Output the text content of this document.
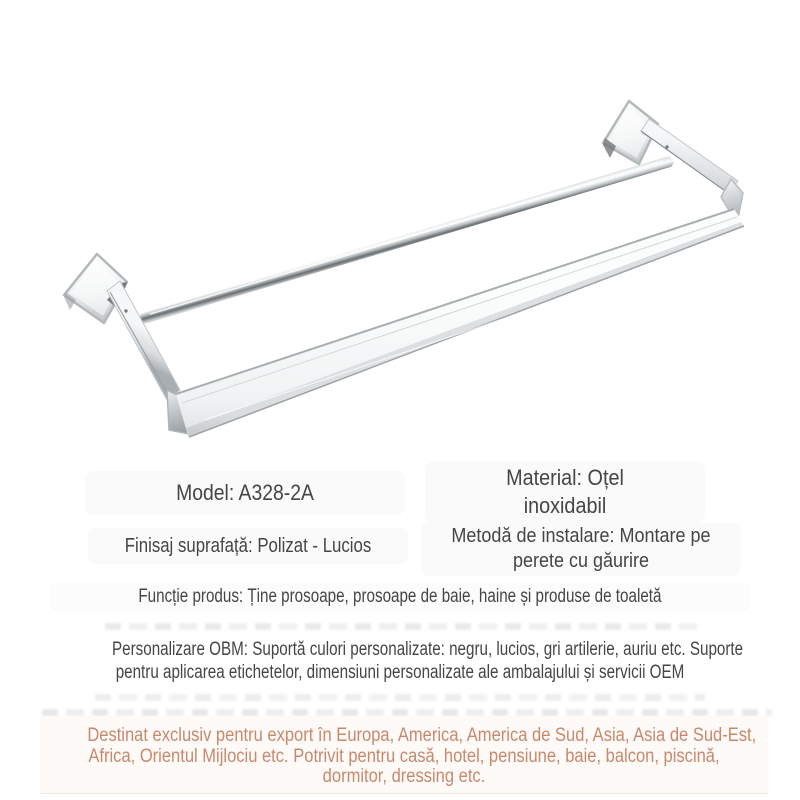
Model: A328-2A
Material: Oțel
inoxidabil
Finisaj suprafață: Polizat - Lucios	Metodă de instalare: Montare pe
perete cu găurire
Funcție produs: Ține prosoape, prosoape de baie, haine și produse de toaletă
Personalizare OBM: Suportă culori personalizate: negru, lucios, gri artilerie, auriu etc. Suporte
pentru aplicarea etichetelor, dimensiuni personalizate ale ambalajului și servicii OEM
Destinat exclusiv pentru export în Europa, America, America de Sud, Asia, Asia de Sud-Est,
Africa, Orientul Mijlociu etc. Potrivit pentru casă, hotel, pensiune, baie, balcon, piscină,
dormitor, dressing etc.
